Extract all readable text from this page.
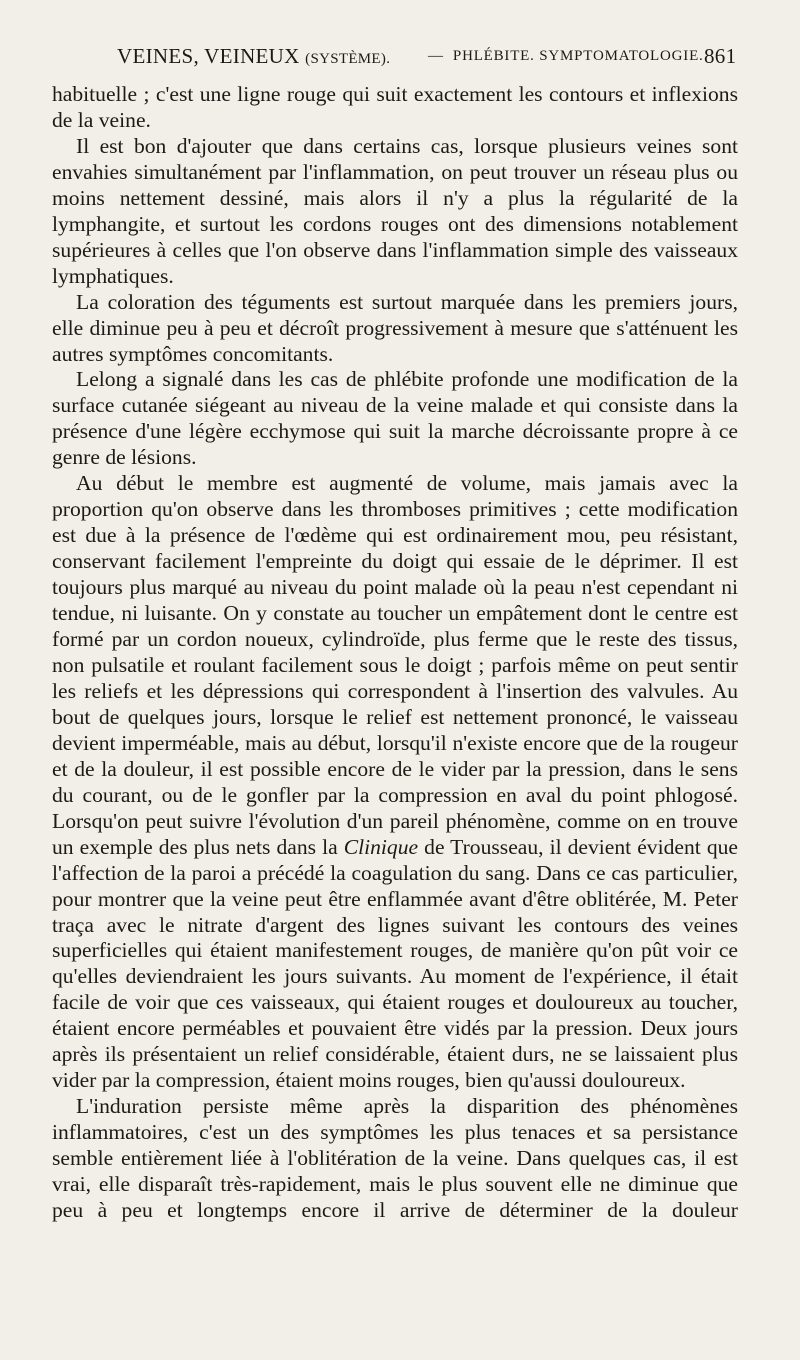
VEINES, VEINEUX (SYSTÈME).	— PHLÉBITE. SYMPTOMATOLOGIE. 861

habituelle ; c'est une ligne rouge qui suit exactement les contours et inflexions de la veine.

Il est bon d'ajouter que dans certains cas, lorsque plusieurs veines sont envahies simultanément par l'inflammation, on peut trouver un réseau plus ou moins nettement dessiné, mais alors il n'y a plus la régularité de la lymphangite, et surtout les cordons rouges ont des dimensions notablement supérieures à celles que l'on observe dans l'inflammation simple des vaisseaux lymphatiques.

La coloration des téguments est surtout marquée dans les premiers jours, elle diminue peu à peu et décroît progressivement à mesure que s'atténuent les autres symptômes concomitants.

Lelong a signalé dans les cas de phlébite profonde une modification de la surface cutanée siégeant au niveau de la veine malade et qui consiste dans la présence d'une légère ecchymose qui suit la marche décroissante propre à ce genre de lésions.

Au début le membre est augmenté de volume, mais jamais avec la proportion qu'on observe dans les thromboses primitives ; cette modification est due à la présence de l'œdème qui est ordinairement mou, peu résistant, conservant facilement l'empreinte du doigt qui essaie de le déprimer. Il est toujours plus marqué au niveau du point malade où la peau n'est cependant ni tendue, ni luisante. On y constate au toucher un empâtement dont le centre est formé par un cordon noueux, cylindroïde, plus ferme que le reste des tissus, non pulsatile et roulant facilement sous le doigt ; parfois même on peut sentir les reliefs et les dépressions qui correspondent à l'insertion des valvules. Au bout de quelques jours, lorsque le relief est nettement prononcé, le vaisseau devient imperméable, mais au début, lorsqu'il n'existe encore que de la rougeur et de la douleur, il est possible encore de le vider par la pression, dans le sens du courant, ou de le gonfler par la compression en aval du point phlogosé. Lorsqu'on peut suivre l'évolution d'un pareil phénomène, comme on en trouve un exemple des plus nets dans la Clinique de Trousseau, il devient évident que l'affection de la paroi a précédé la coagulation du sang. Dans ce cas particulier, pour montrer que la veine peut être enflammée avant d'être oblitérée, M. Peter traça avec le nitrate d'argent des lignes suivant les contours des veines superficielles qui étaient manifestement rouges, de manière qu'on pût voir ce qu'elles deviendraient les jours suivants. Au moment de l'expérience, il était facile de voir que ces vaisseaux, qui étaient rouges et douloureux au toucher, étaient encore perméables et pouvaient être vidés par la pression. Deux jours après ils présentaient un relief considérable, étaient durs, ne se laissaient plus vider par la compression, étaient moins rouges, bien qu'aussi douloureux.

L'induration persiste même après la disparition des phénomènes inflammatoires, c'est un des symptômes les plus tenaces et sa persistance semble entièrement liée à l'oblitération de la veine. Dans quelques cas, il est vrai, elle disparaît très-rapidement, mais le plus souvent elle ne diminue que peu à peu et longtemps encore il arrive de déterminer de la douleur
